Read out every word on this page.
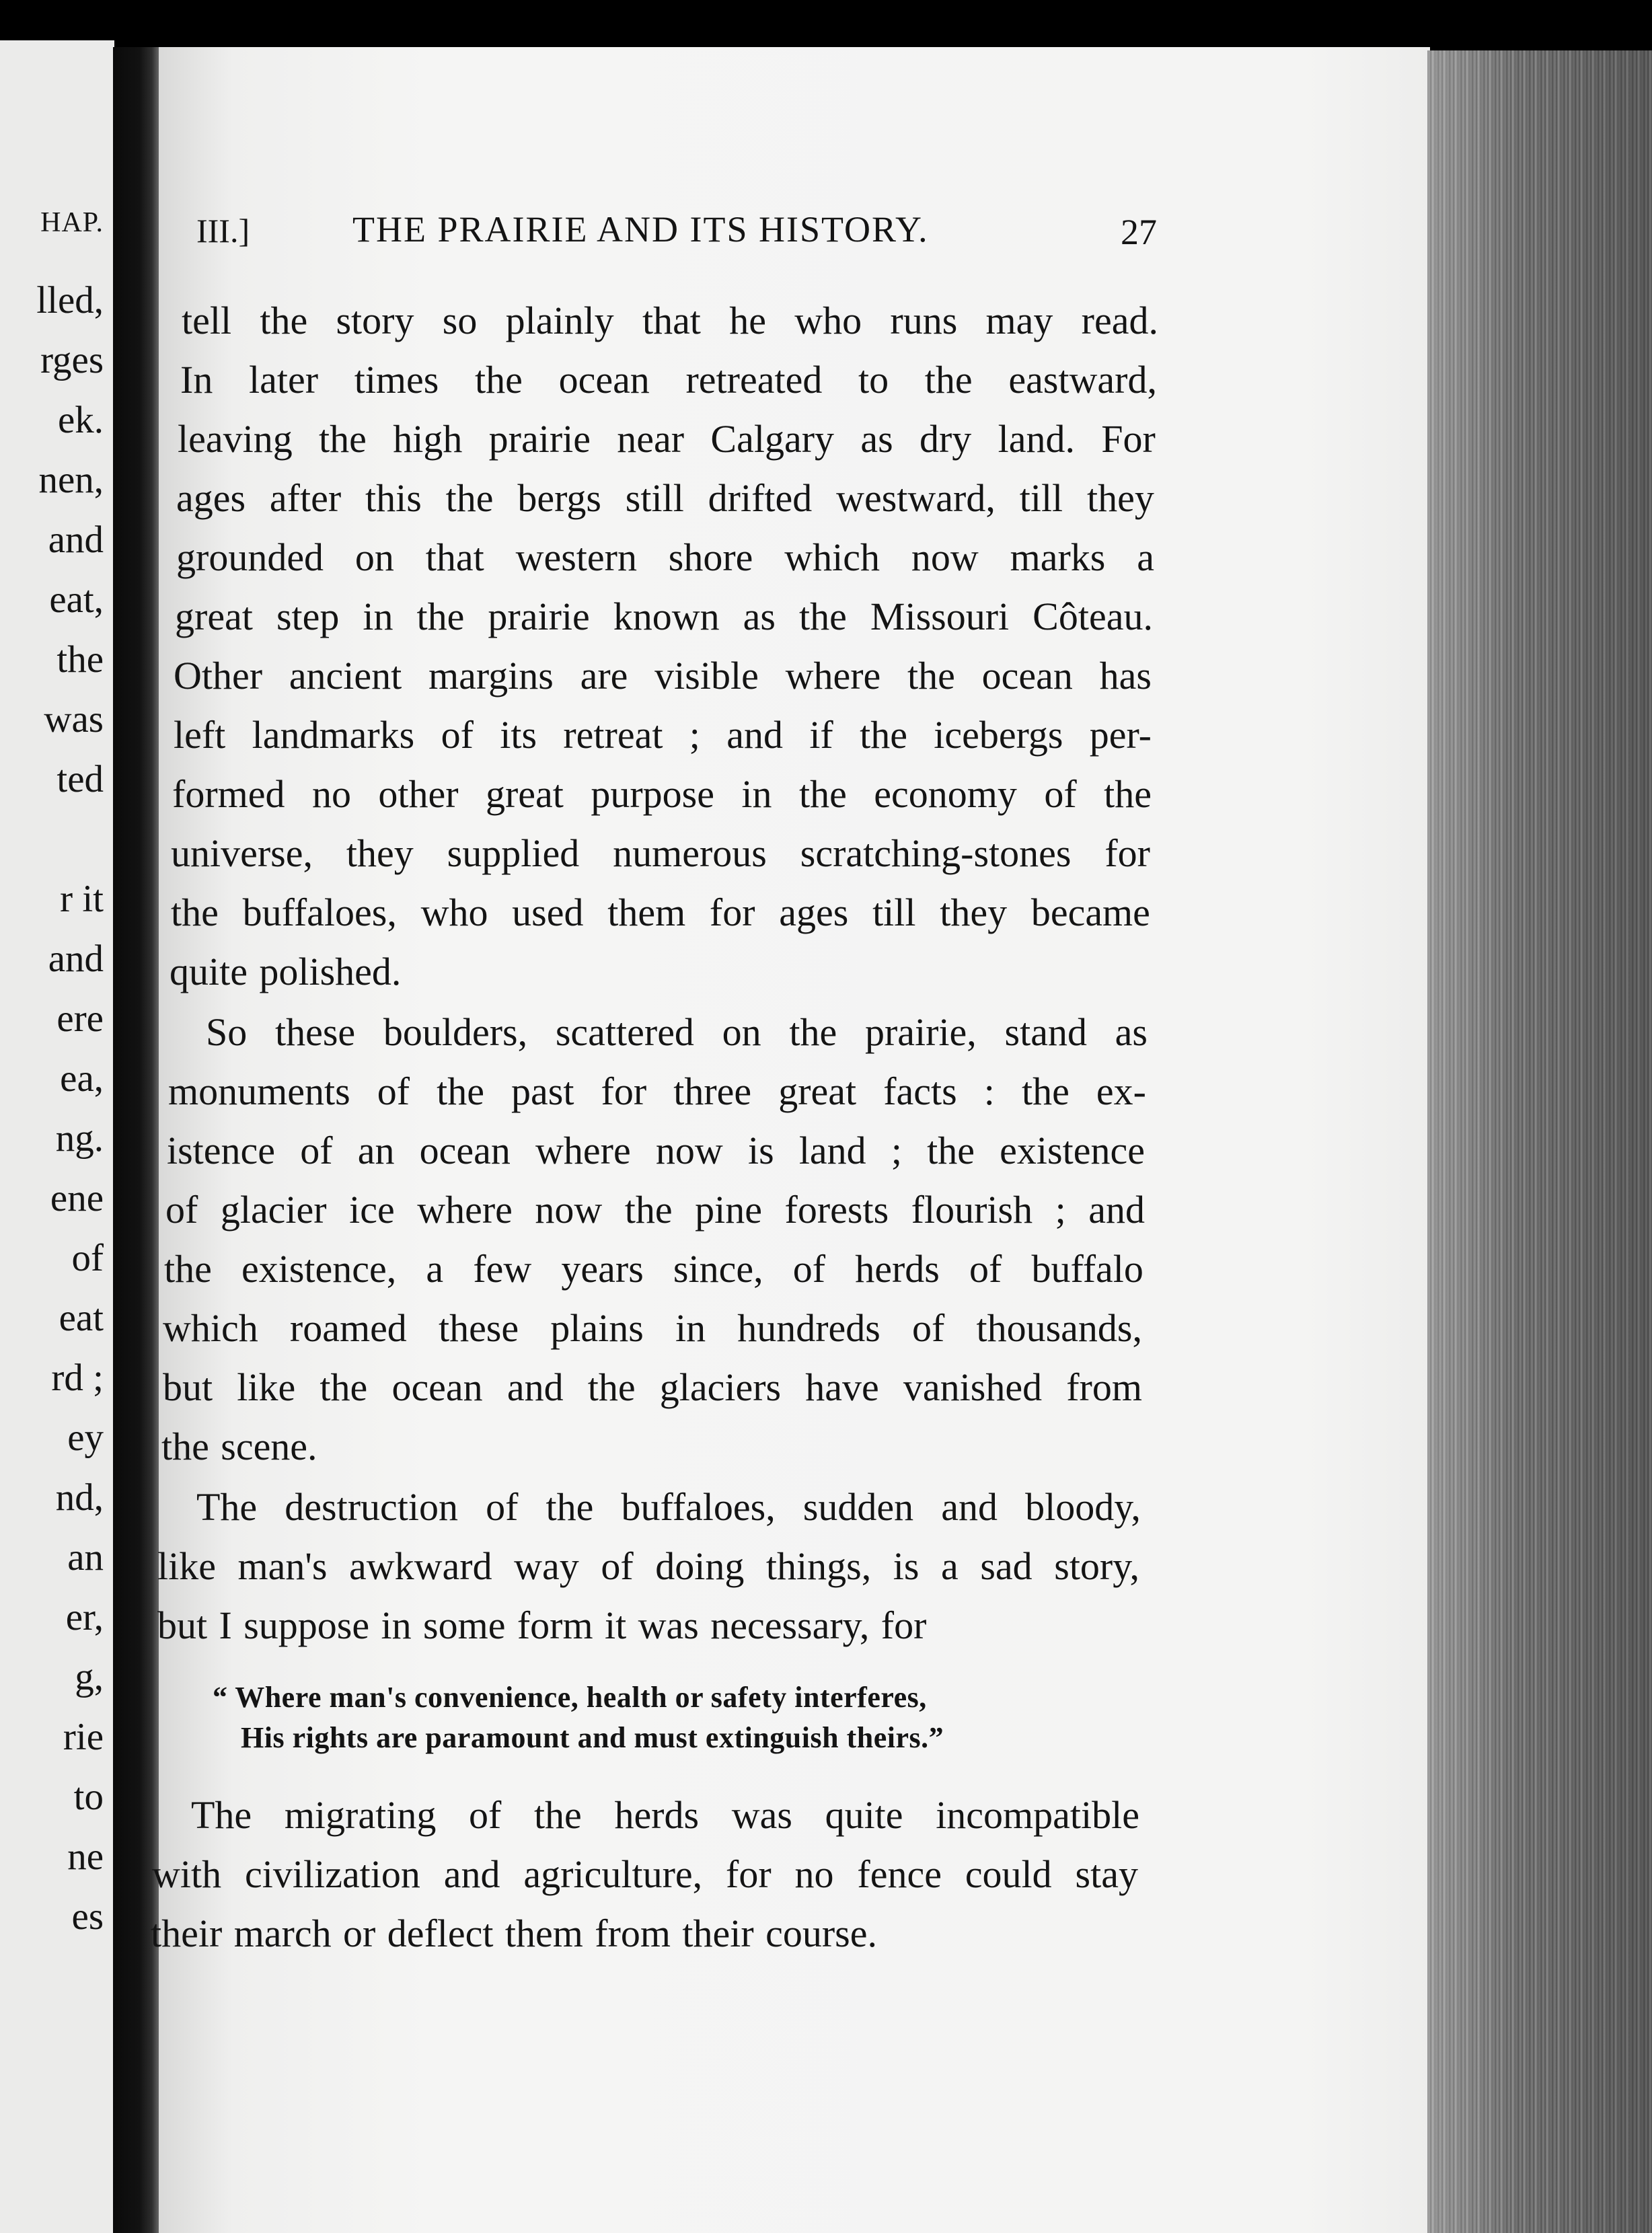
HAP.
lled,
rges
ek.
nen,
and
eat,
the
was
ted
r it
and
ere
ea,
ng.
ene
of
eat
rd ;
ey
nd,
an
er,
g,
rie
to
ne
es
III.]	THE PRAIRIE AND ITS HISTORY.	27
tell the story so plainly that he who runs may read.
In later times the ocean retreated to the eastward,
leaving the high prairie near Calgary as dry land. For
ages after this the bergs still drifted westward, till they
grounded on that western shore which now marks a
great step in the prairie known as the Missouri Côteau.
Other ancient margins are visible where the ocean has
left landmarks of its retreat ; and if the icebergs per-
formed no other great purpose in the economy of the
universe, they supplied numerous scratching-stones for
the buffaloes, who used them for ages till they became
quite polished.
So these boulders, scattered on the prairie, stand as
monuments of the past for three great facts : the ex-
istence of an ocean where now is land ; the existence
of glacier ice where now the pine forests flourish ; and
the existence, a few years since, of herds of buffalo
which roamed these plains in hundreds of thousands,
but like the ocean and the glaciers have vanished from
the scene.
The destruction of the buffaloes, sudden and bloody,
like man's awkward way of doing things, is a sad story,
but I suppose in some form it was necessary, for
“ Where man's convenience, health or safety interferes,
His rights are paramount and must extinguish theirs.”
The migrating of the herds was quite incompatible
with civilization and agriculture, for no fence could stay
their march or deflect them from their course.
